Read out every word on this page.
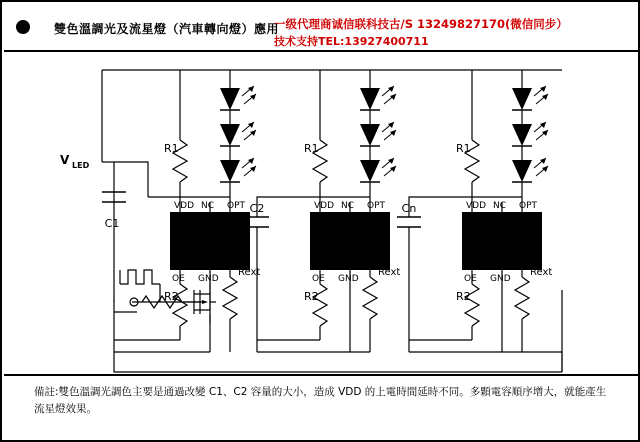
雙色溫調光及流星燈（汽車轉向燈）應用
一级代理商诚信联科技古/S 13249827170(微信同步）
技术支持TEL:13927400711
R1
C1
NU510
VDD NC OPT
OE GND
R2
Rext
R1
C2
NU510
VDD NC OPT
OE GND
R2
Rext
R1
Cn
NU510
VDD NC OPT
OE GND
R2
Rext
V LED
備註:雙色溫調光調色主要是通過改變 C1、C2 容量的大小，造成 VDD 的上電時間延時不同。多顆電容順序增大，就能產生流星燈效果。
